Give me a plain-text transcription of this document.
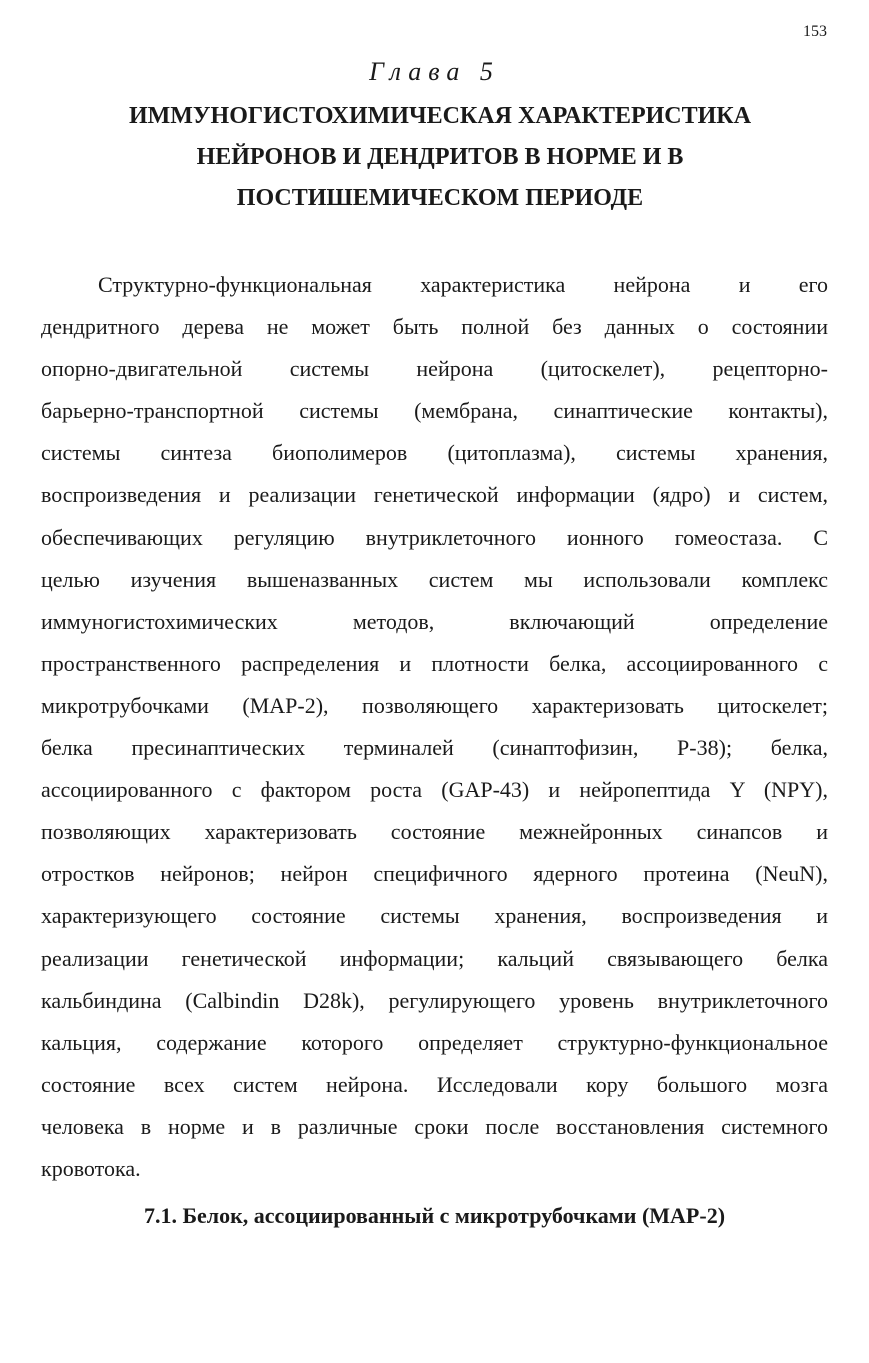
153
Глава 5
ИММУНОГИСТОХИМИЧЕСКАЯ ХАРАКТЕРИСТИКА
НЕЙРОНОВ И ДЕНДРИТОВ В НОРМЕ И В
ПОСТИШЕМИЧЕСКОМ ПЕРИОДЕ
Структурно-функциональная характеристика нейрона и его
дендритного дерева не может быть полной без данных о состоянии
опорно-двигательной системы нейрона (цитоскелет), рецепторно-
барьерно-транспортной системы (мембрана, синаптические контакты),
системы синтеза биополимеров (цитоплазма), системы хранения,
воспроизведения и реализации генетической информации (ядро) и систем,
обеспечивающих регуляцию внутриклеточного ионного гомеостаза. С
целью изучения вышеназванных систем мы использовали комплекс
иммуногистохимических методов, включающий определение
пространственного распределения и плотности белка, ассоциированного с
микротрубочками (МАР-2), позволяющего характеризовать цитоскелет;
белка пресинаптических терминалей (синаптофизин, Р-38); белка,
ассоциированного с фактором роста (GAP-43) и нейропептида Y (NPY),
позволяющих характеризовать состояние межнейронных синапсов и
отростков нейронов; нейрон специфичного ядерного протеина (NeuN),
характеризующего состояние системы хранения, воспроизведения и
реализации генетической информации; кальций связывающего белка
кальбиндина (Calbindin D28k), регулирующего уровень внутриклеточного
кальция, содержание которого определяет структурно-функциональное
состояние всех систем нейрона. Исследовали кору большого мозга
человека в норме и в различные сроки после восстановления системного
кровотока.
7.1. Белок, ассоциированный с микротрубочками (МАР-2)
